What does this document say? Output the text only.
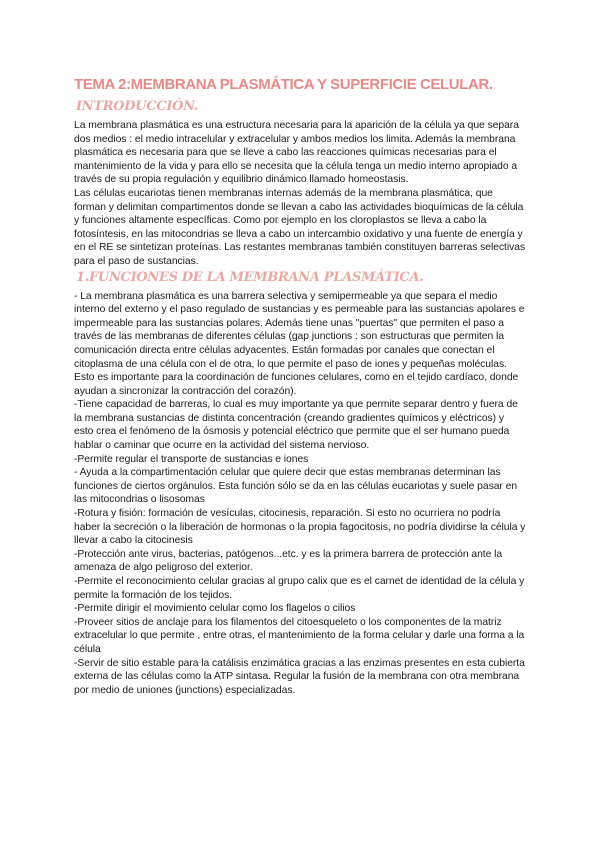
TEMA 2:MEMBRANA PLASMÁTICA Y SUPERFICIE CELULAR.
INTRODUCCIÓN.

La membrana plasmática es una estructura necesaria para la aparición de la célula ya que separa dos medios : el medio intracelular y extracelular y ambos medios los limita. Además la membrana plasmática es necesaria para que se lleve a cabo las reacciones químicas necesarias para el mantenimiento de la vida y para ello se necesita que la célula tenga un medio interno apropiado a través de su propia regulación y equilibrio dinámico llamado homeostasis.

Las células eucariotas tienen membranas internas además de la membrana plasmática, que forman y delimitan compartimentos donde se llevan a cabo las actividades bioquímicas de la célula y funciones altamente específicas. Como por ejemplo en los cloroplastos se lleva a cabo la fotosíntesis, en las mitocondrias se lleva a cabo un intercambio oxidativo y una fuente de energía y en el RE se sintetizan proteínas. Las restantes membranas también constituyen barreras selectivas para el paso de sustancias.

1.FUNCIONES DE LA MEMBRANA PLASMÁTICA.
- La membrana plasmática es una barrera selectiva y semipermeable ya que separa el medio interno del externo y el paso regulado de sustancias y es permeable para las sustancias apolares e impermeable para las sustancias polares. Además tiene unas "puertas" que permiten el paso a través de las membranas de diferentes células (gap junctions : son estructuras que permiten la comunicación directa entre células adyacentes. Están formadas por canales que conectan el citoplasma de una célula con el de otra, lo que permite el paso de iones y pequeñas moléculas. Esto es importante para la coordinación de funciones celulares, como en el tejido cardíaco, donde ayudan a sincronizar la contracción del corazón).
-Tiene capacidad de barreras, lo cual es muy importante ya que permite separar dentro y fuera de la membrana sustancias de distinta concentración (creando gradientes químicos y eléctricos) y esto crea el fenómeno de la ósmosis y potencial eléctrico que permite que el ser humano pueda hablar o caminar que ocurre en la actividad del sistema nervioso.
-Permite regular el transporte de sustancias e iones
- Ayuda a la compartimentación celular que quiere decir que estas membranas determinan las funciones de ciertos orgánulos. Esta función sólo se da en las células eucariotas y suele pasar en las mitocondrias o lisosomas
-Rotura y fisión: formación de vesículas, citocinesis, reparación. Si esto no ocurriera no podría haber la secreción o la liberación de hormonas o la propia fagocitosis, no podría dividirse la célula y llevar a cabo la citocinesis
-Protección ante virus, bacterias, patógenos...etc. y es la primera barrera de protección ante la amenaza de algo peligroso del exterior.
-Permite el reconocimiento celular gracias al grupo calix que es el carnet de identidad de la célula y permite la formación de los tejidos.
-Permite dirigir el movimiento celular como los flagelos o cilios
-Proveer sitios de anclaje para los filamentos del citoesqueleto o los componentes de la matriz extracelular lo que permite , entre otras, el mantenimiento de la forma celular y darle una forma a la célula
-Servir de sitio estable para la catálisis enzimática gracias a las enzimas presentes en esta cubierta externa de las células como la ATP sintasa. Regular la fusión de la membrana con otra membrana por medio de uniones (junctions) especializadas.
